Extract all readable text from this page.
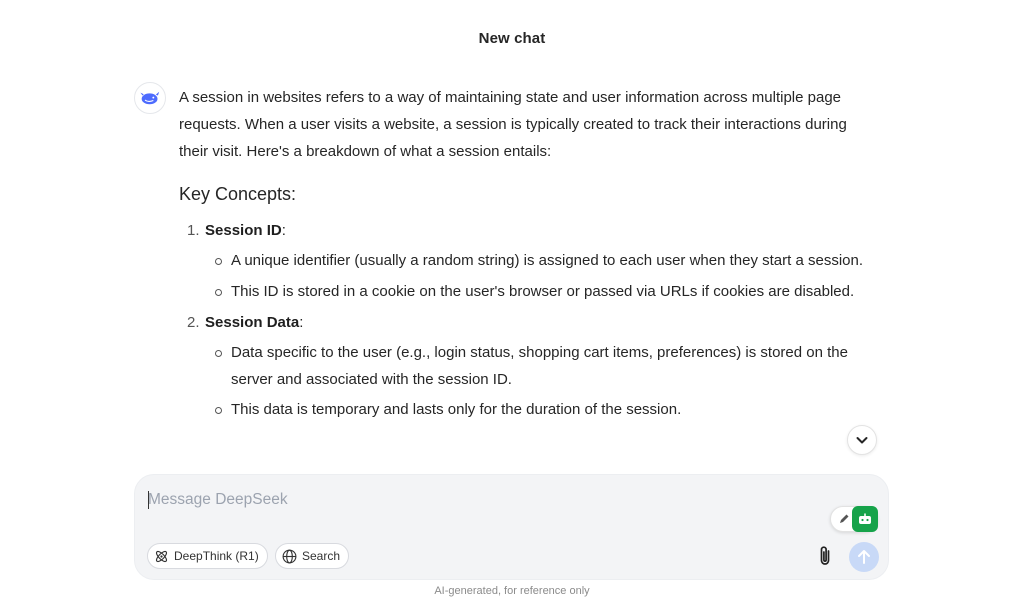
New chat

A session in websites refers to a way of maintaining state and user information across multiple page requests. When a user visits a website, a session is typically created to track their interactions during their visit. Here's a breakdown of what a session entails:

Key Concepts:
1. Session ID:
A unique identifier (usually a random string) is assigned to each user when they start a session.
This ID is stored in a cookie on the user's browser or passed via URLs if cookies are disabled.
2. Session Data:
Data specific to the user (e.g., login status, shopping cart items, preferences) is stored on the server and associated with the session ID.
This data is temporary and lasts only for the duration of the session.
Message DeepSeek
DeepThink (R1)	Search
AI-generated, for reference only
